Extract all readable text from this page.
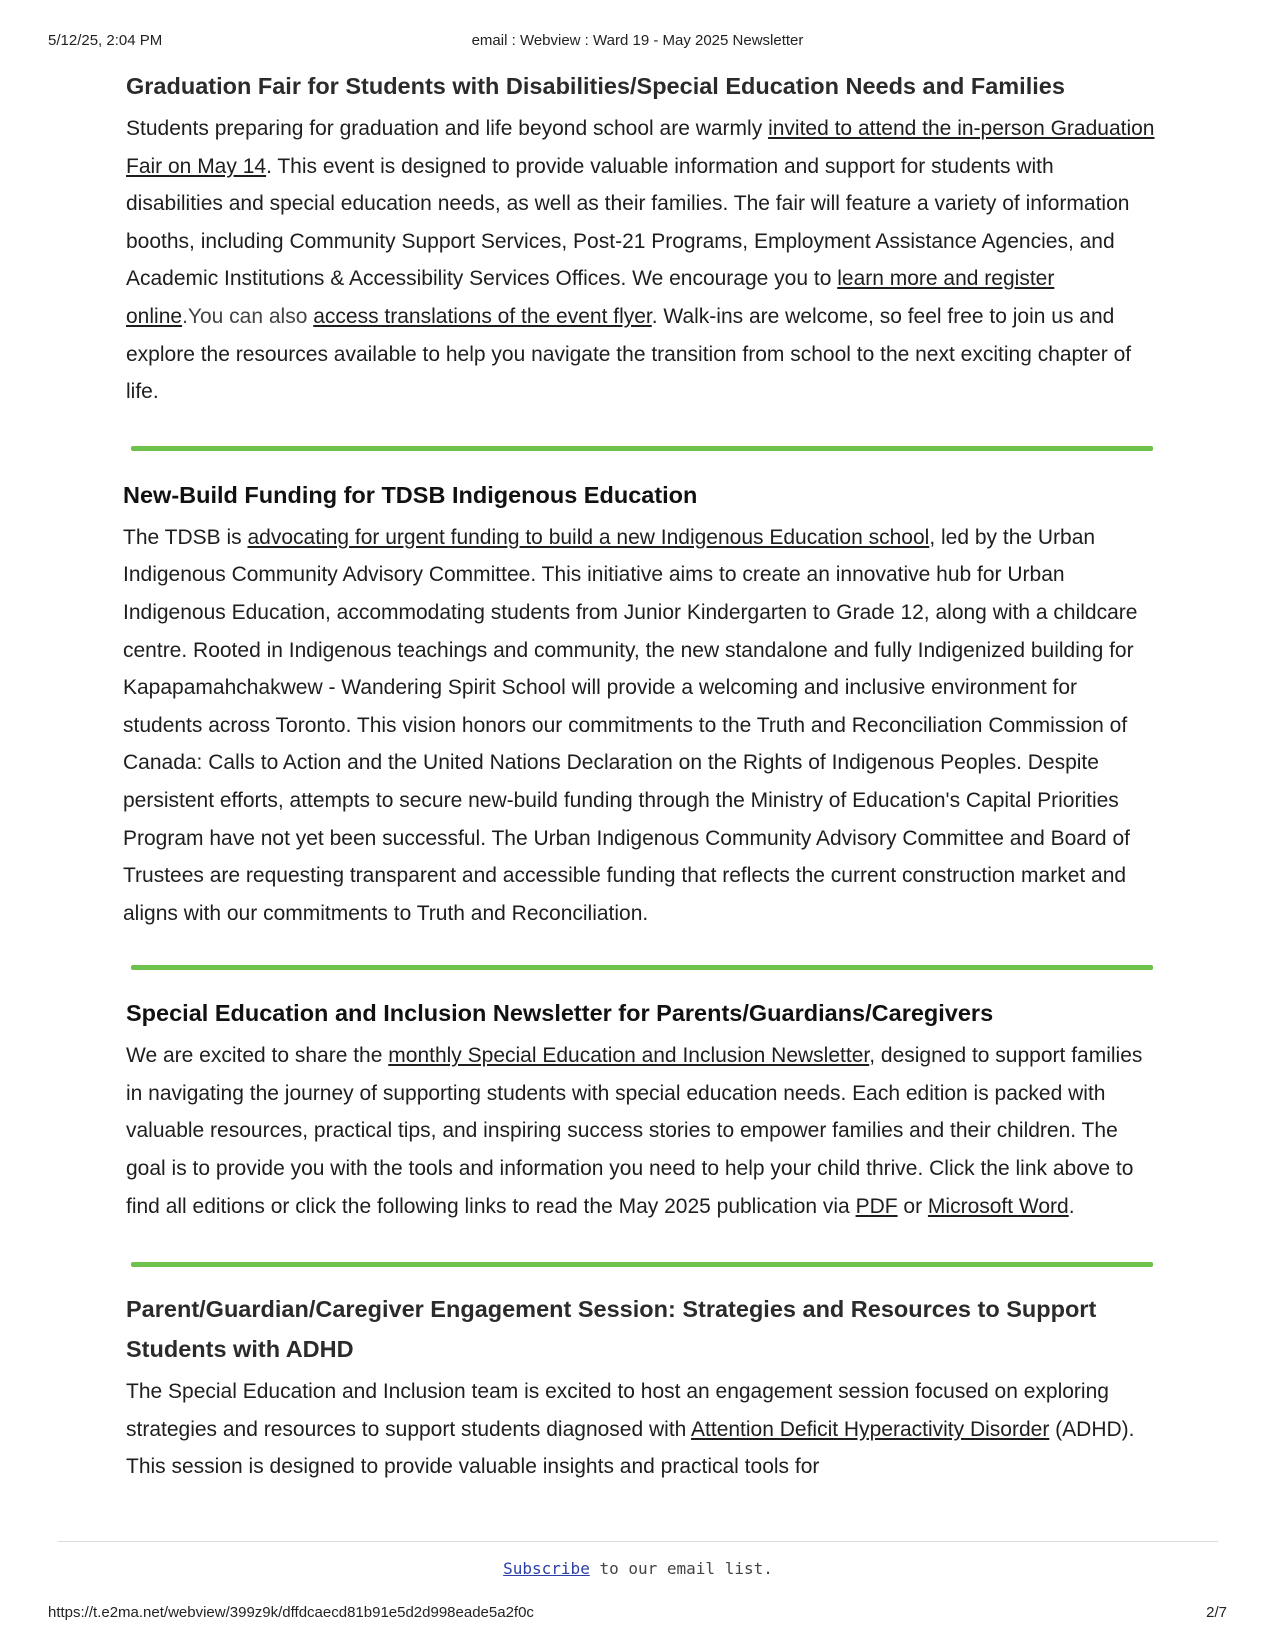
5/12/25, 2:04 PM	email : Webview : Ward 19 - May 2025 Newsletter
Graduation Fair for Students with Disabilities/Special Education Needs and Families

Students preparing for graduation and life beyond school are warmly invited to attend the in-person Graduation Fair on May 14. This event is designed to provide valuable information and support for students with disabilities and special education needs, as well as their families. The fair will feature a variety of information booths, including Community Support Services, Post-21 Programs, Employment Assistance Agencies, and Academic Institutions & Accessibility Services Offices. We encourage you to learn more and register online.You can also access translations of the event flyer. Walk-ins are welcome, so feel free to join us and explore the resources available to help you navigate the transition from school to the next exciting chapter of life.

New-Build Funding for TDSB Indigenous Education

The TDSB is advocating for urgent funding to build a new Indigenous Education school, led by the Urban Indigenous Community Advisory Committee. This initiative aims to create an innovative hub for Urban Indigenous Education, accommodating students from Junior Kindergarten to Grade 12, along with a childcare centre. Rooted in Indigenous teachings and community, the new standalone and fully Indigenized building for Kapapamahchakwew - Wandering Spirit School will provide a welcoming and inclusive environment for students across Toronto. This vision honors our commitments to the Truth and Reconciliation Commission of Canada: Calls to Action and the United Nations Declaration on the Rights of Indigenous Peoples. Despite persistent efforts, attempts to secure new-build funding through the Ministry of Education's Capital Priorities Program have not yet been successful. The Urban Indigenous Community Advisory Committee and Board of Trustees are requesting transparent and accessible funding that reflects the current construction market and aligns with our commitments to Truth and Reconciliation.

Special Education and Inclusion Newsletter for Parents/Guardians/Caregivers

We are excited to share the monthly Special Education and Inclusion Newsletter, designed to support families in navigating the journey of supporting students with special education needs. Each edition is packed with valuable resources, practical tips, and inspiring success stories to empower families and their children. The goal is to provide you with the tools and information you need to help your child thrive. Click the link above to find all editions or click the following links to read the May 2025 publication via PDF or Microsoft Word.

Parent/Guardian/Caregiver Engagement Session: Strategies and Resources to Support Students with ADHD

The Special Education and Inclusion team is excited to host an engagement session focused on exploring strategies and resources to support students diagnosed with Attention Deficit Hyperactivity Disorder (ADHD). This session is designed to provide valuable insights and practical tools for

Subscribe to our email list.
https://t.e2ma.net/webview/399z9k/dffdcaecd81b91e5d2d998eade5a2f0c	2/7
